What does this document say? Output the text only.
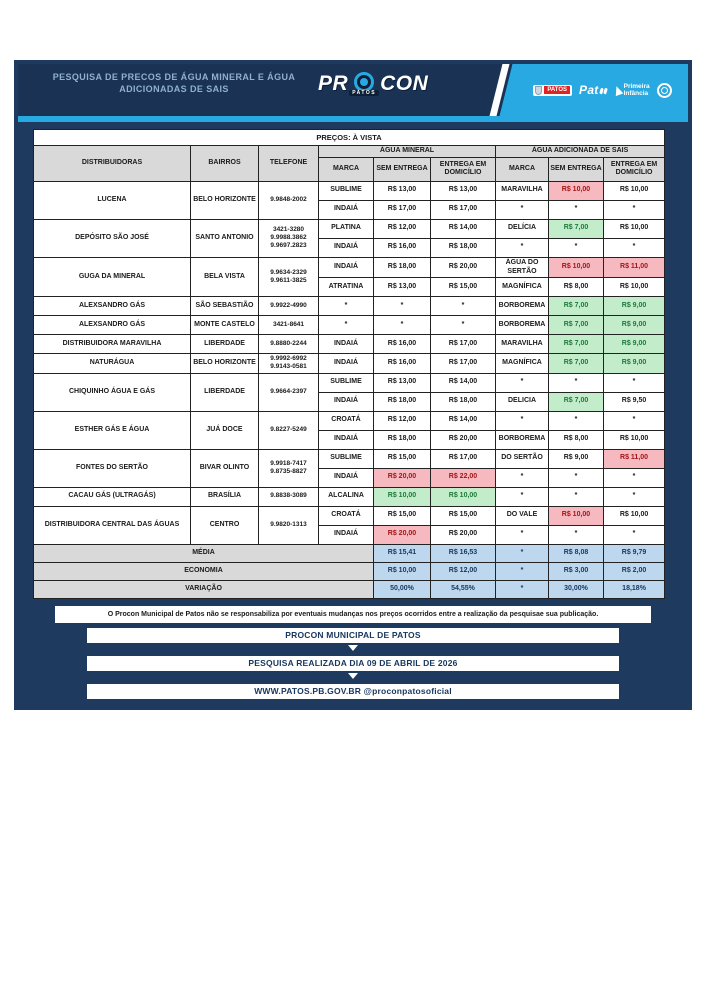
PESQUISA DE PRECOS DE ÁGUA MINERAL E ÁGUA ADICIONADAS DE SAIS	PR PATOS CON	PATOS Pat	Primeira
Infância
PREÇOS: À VISTA								
DISTRIBUIDORAS	BAIRROS	TELEFONE	ÁGUA MINERAL			ÁGUA ADICIONADA DE SAIS		
			MARCA	SEM ENTREGA	ENTREGA EM DOMICÍLIO	MARCA	SEM ENTREGA	ENTREGA EM DOMICÍLIO
LUCENA	BELO HORIZONTE	9.9848-2002	SUBLIME	R$ 13,00	R$ 13,00	MARAVILHA	R$ 10,00	R$ 10,00
			INDAIÁ	R$ 17,00	R$ 17,00	*	*	*
DEPÓSITO SÃO JOSÉ	SANTO ANTONIO	3421-3280
9.9988.3862
9.9697.2823	PLATINA	R$ 12,00	R$ 14,00	DELÍCIA	R$ 7,00	R$ 10,00
			INDAIÁ	R$ 16,00	R$ 18,00	*	*	*
GUGA DA MINERAL	BELA VISTA	9.9634-2329
9.9611-3825	INDAIÁ	R$ 18,00	R$ 20,00	ÁGUA DO SERTÃO	R$ 10,00	R$ 11,00
			ATRATINA	R$ 13,00	R$ 15,00	MAGNÍFICA	R$ 8,00	R$ 10,00
ALEXSANDRO GÁS	SÃO SEBASTIÃO	9.9922-4990	*	*	*	BORBOREMA	R$ 7,00	R$ 9,00
ALEXSANDRO GÁS	MONTE CASTELO	3421-8641	*	*	*	BORBOREMA	R$ 7,00	R$ 9,00
DISTRIBUIDORA MARAVILHA	LIBERDADE	9.8880-2244	INDAIÁ	R$ 16,00	R$ 17,00	MARAVILHA	R$ 7,00	R$ 9,00
NATURÁGUA	BELO HORIZONTE	9.9992-6992
9.9143-0581	INDAIÁ	R$ 16,00	R$ 17,00	MAGNÍFICA	R$ 7,00	R$ 9,00
CHIQUINHO ÁGUA E GÁS	LIBERDADE	9.9664-2397	SUBLIME	R$ 13,00	R$ 14,00	*	*	*
			INDAIÁ	R$ 18,00	R$ 18,00	DELICIA	R$ 7,00	R$ 9,50
ESTHER GÁS E ÁGUA	JUÁ DOCE	9.8227-5249	CROATÁ	R$ 12,00	R$ 14,00	*	*	*
			INDAIÁ	R$ 18,00	R$ 20,00	BORBOREMA	R$ 8,00	R$ 10,00
FONTES DO SERTÃO	BIVAR OLINTO	9.9918-7417
9.8735-8827	SUBLIME	R$ 15,00	R$ 17,00	DO SERTÃO	R$ 9,00	R$ 11,00
			INDAIÁ	R$ 20,00	R$ 22,00	*	*	*
CACAU GÁS (ULTRAGÁS)	BRASÍLIA	9.8838-3089	ALCALINA	R$ 10,00	R$ 10,00	*	*	*
DISTRIBUIDORA CENTRAL DAS ÁGUAS	CENTRO	9.9820-1313	CROATÁ	R$ 15,00	R$ 15,00	DO VALE	R$ 10,00	R$ 10,00
			INDAIÁ	R$ 20,00	R$ 20,00	*	*	*
MÉDIA				R$ 15,41	R$ 16,53	*	R$ 8,08	R$ 9,79
ECONOMIA				R$ 10,00	R$ 12,00	*	R$ 3,00	R$ 2,00
VARIAÇÃO				50,00%	54,55%	*	30,00%	18,18%
O Procon Municipal de Patos não se responsabiliza por eventuais mudanças nos preços ocorridos entre a realização da pesquisae sua publicação.
PROCON MUNICIPAL DE PATOS
PESQUISA REALIZADA DIA 09 DE ABRIL DE 2026
WWW.PATOS.PB.GOV.BR @proconpatosoficial
